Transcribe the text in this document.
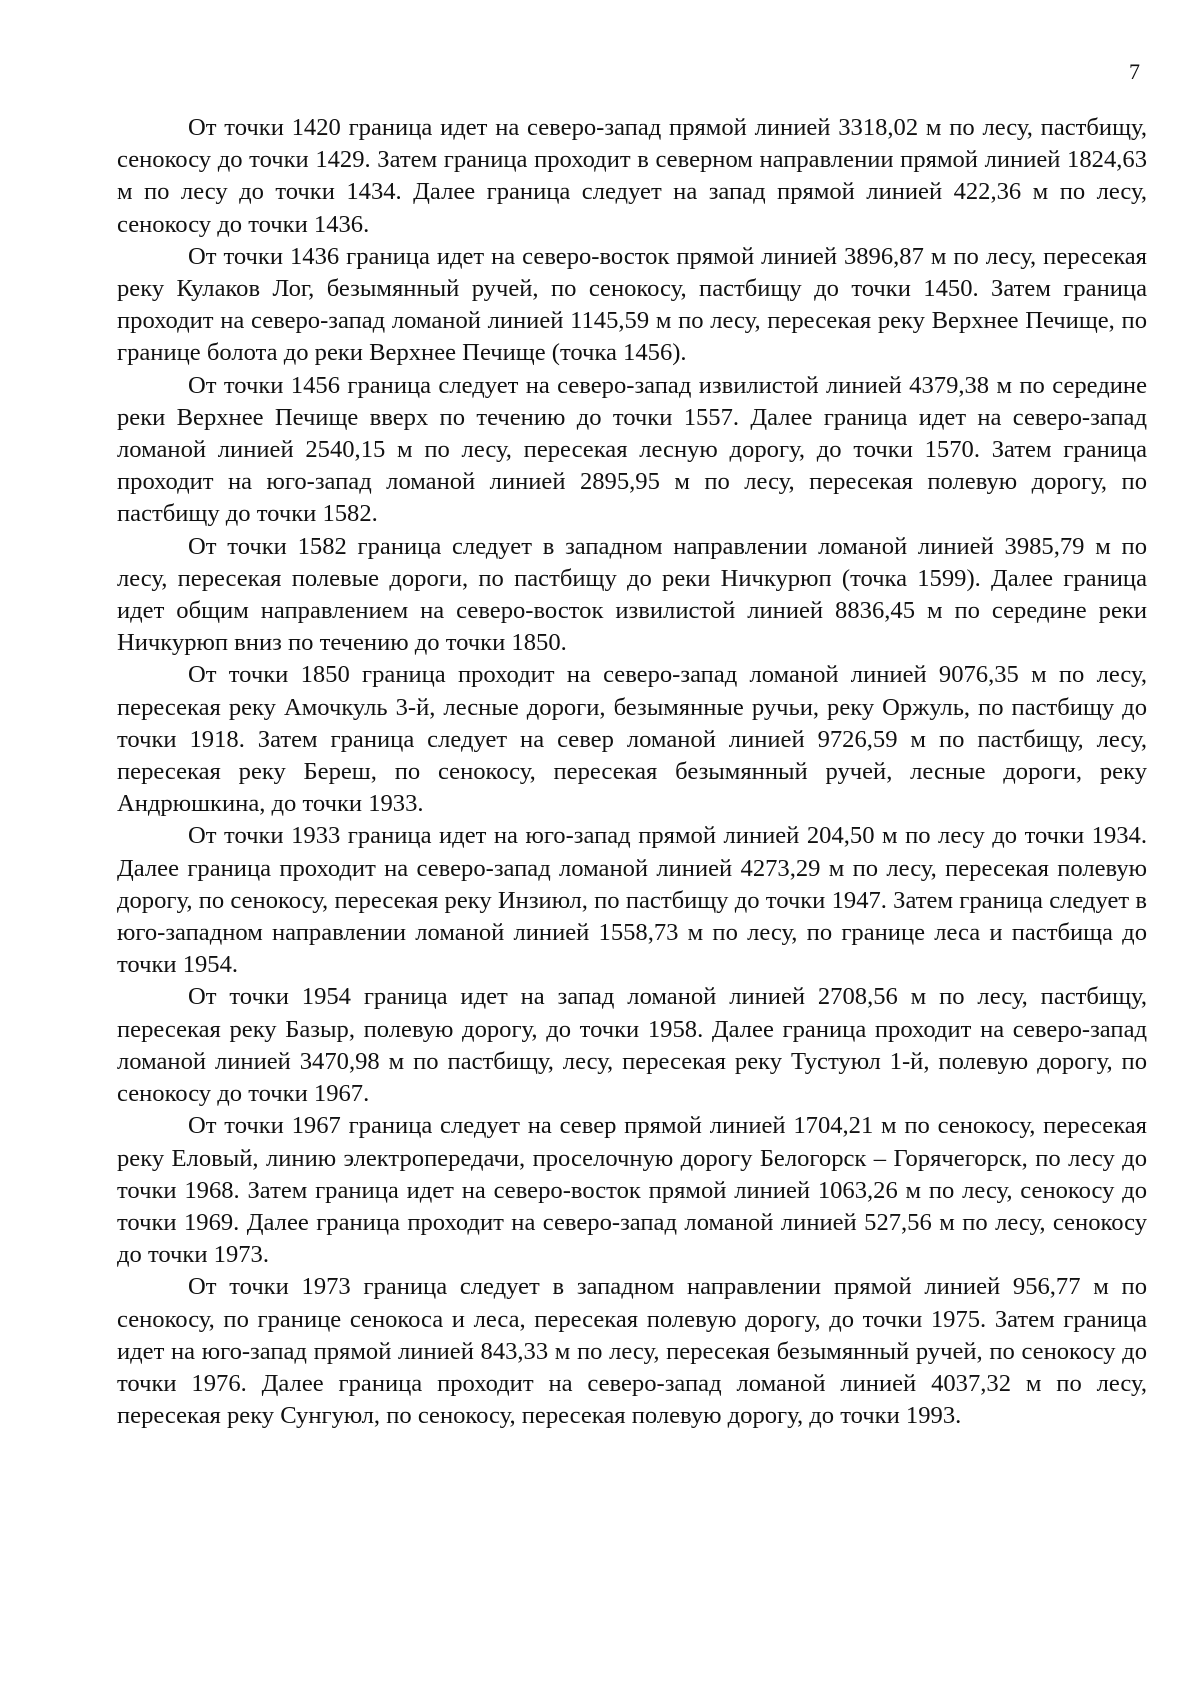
7

От точки 1420 граница идет на северо-запад прямой линией 3318,02 м по лесу, пастбищу, сенокосу до точки 1429. Затем граница проходит в северном направлении прямой линией 1824,63 м по лесу до точки 1434. Далее граница следует на запад прямой линией 422,36 м по лесу, сенокосу до точки 1436.

От точки 1436 граница идет на северо-восток прямой линией 3896,87 м по лесу, пересекая реку Кулаков Лог, безымянный ручей, по сенокосу, пастбищу до точки 1450. Затем граница проходит на северо-запад ломаной линией 1145,59 м по лесу, пересекая реку Верхнее Печище, по границе болота до реки Верхнее Печище (точка 1456).

От точки 1456 граница следует на северо-запад извилистой линией 4379,38 м по середине реки Верхнее Печище вверх по течению до точки 1557. Далее граница идет на северо-запад ломаной линией 2540,15 м по лесу, пересекая лесную дорогу, до точки 1570. Затем граница проходит на юго-запад ломаной линией 2895,95 м по лесу, пересекая полевую дорогу, по пастбищу до точки 1582.

От точки 1582 граница следует в западном направлении ломаной линией 3985,79 м по лесу, пересекая полевые дороги, по пастбищу до реки Ничкурюп (точка 1599). Далее граница идет общим направлением на северо-восток извилистой линией 8836,45 м по середине реки Ничкурюп вниз по течению до точки 1850.

От точки 1850 граница проходит на северо-запад ломаной линией 9076,35 м по лесу, пересекая реку Амочкуль 3-й, лесные дороги, безымянные ручьи, реку Оржуль, по пастбищу до точки 1918. Затем граница следует на север ломаной линией 9726,59 м по пастбищу, лесу, пересекая реку Береш, по сенокосу, пересекая безымянный ручей, лесные дороги, реку Андрюшкина, до точки 1933.

От точки 1933 граница идет на юго-запад прямой линией 204,50 м по лесу до точки 1934. Далее граница проходит на северо-запад ломаной линией 4273,29 м по лесу, пересекая полевую дорогу, по сенокосу, пересекая реку Инзиюл, по пастбищу до точки 1947. Затем граница следует в юго-западном направлении ломаной линией 1558,73 м по лесу, по границе леса и пастбища до точки 1954.

От точки 1954 граница идет на запад ломаной линией 2708,56 м по лесу, пастбищу, пересекая реку Базыр, полевую дорогу, до точки 1958. Далее граница проходит на северо-запад ломаной линией 3470,98 м по пастбищу, лесу, пересекая реку Тустуюл 1-й, полевую дорогу, по сенокосу до точки 1967.

От точки 1967 граница следует на север прямой линией 1704,21 м по сенокосу, пересекая реку Еловый, линию электропередачи, проселочную дорогу Белогорск – Горячегорск, по лесу до точки 1968. Затем граница идет на северо-восток прямой линией 1063,26 м по лесу, сенокосу до точки 1969. Далее граница проходит на северо-запад ломаной линией 527,56 м по лесу, сенокосу до точки 1973.

От точки 1973 граница следует в западном направлении прямой линией 956,77 м по сенокосу, по границе сенокоса и леса, пересекая полевую дорогу, до точки 1975. Затем граница идет на юго-запад прямой линией 843,33 м по лесу, пересекая безымянный ручей, по сенокосу до точки 1976. Далее граница проходит на северо-запад ломаной линией 4037,32 м по лесу, пересекая реку Сунгуюл, по сенокосу, пересекая полевую дорогу, до точки 1993.
